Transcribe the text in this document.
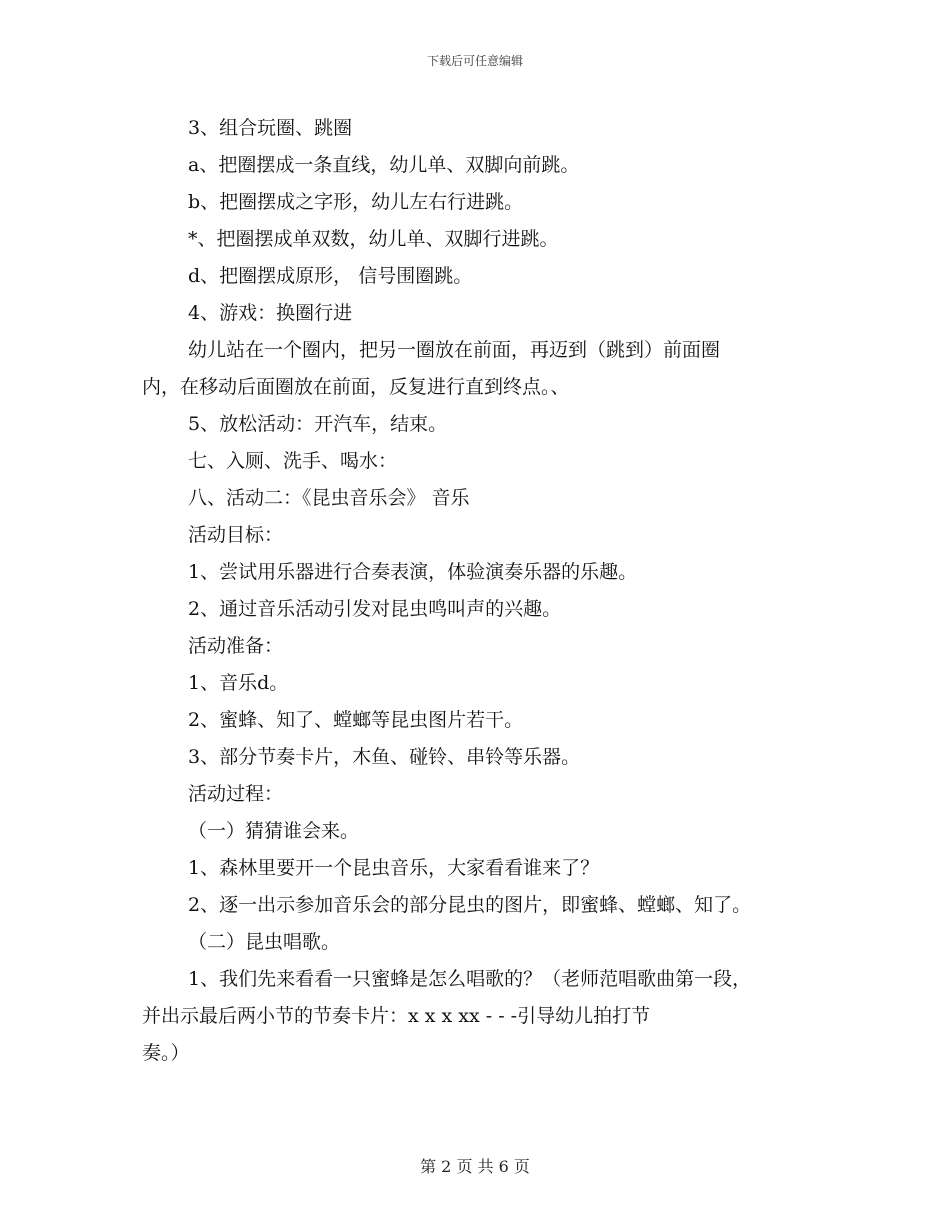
下载后可任意编辑
3、组合玩圈、跳圈
a、把圈摆成一条直线，幼儿单、双脚向前跳。
b、把圈摆成之字形，幼儿左右行进跳。
*、把圈摆成单双数，幼儿单、双脚行进跳。
d、把圈摆成原形， 信号围圈跳。
4、游戏：换圈行进
幼儿站在一个圈内，把另一圈放在前面，再迈到（跳到）前面圈
内，在移动后面圈放在前面，反复进行直到终点。、
5、放松活动：开汽车，结束。
七、入厕、洗手、喝水：
八、活动二：《昆虫音乐会》 音乐
活动目标：
1、尝试用乐器进行合奏表演，体验演奏乐器的乐趣。
2、通过音乐活动引发对昆虫鸣叫声的兴趣。
活动准备：
1、音乐d。
2、蜜蜂、知了、螳螂等昆虫图片若干。
3、部分节奏卡片，木鱼、碰铃、串铃等乐器。
活动过程：
（一）猜猜谁会来。
1、森林里要开一个昆虫音乐，大家看看谁来了？
2、逐一出示参加音乐会的部分昆虫的图片，即蜜蜂、螳螂、知了。
（二）昆虫唱歌。
1、我们先来看看一只蜜蜂是怎么唱歌的？（老师范唱歌曲第一段，
并出示最后两小节的节奏卡片：x x x xx - - -引导幼儿拍打节
奏。）
第 2 页 共 6 页
